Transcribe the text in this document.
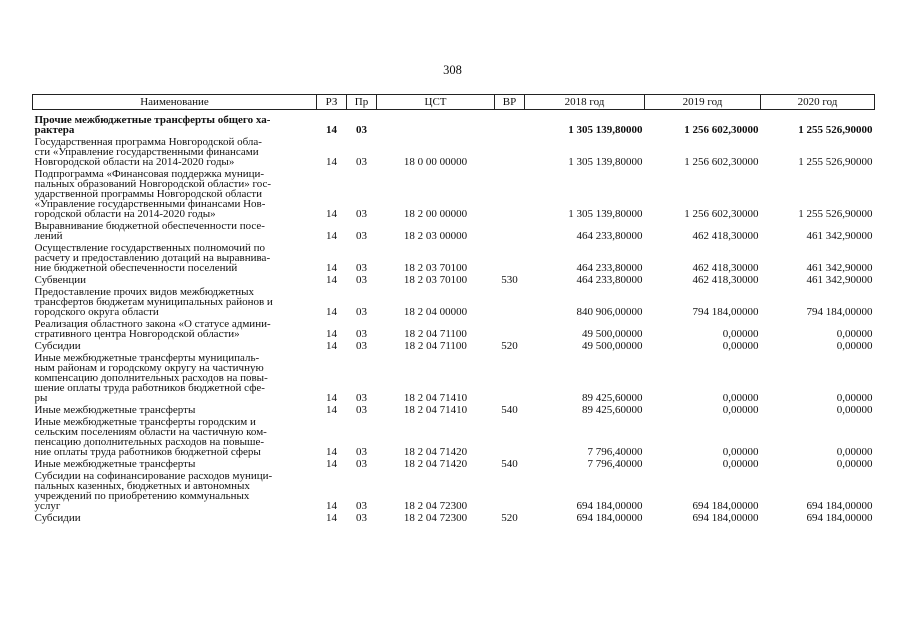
308
Наименование	РЗ	Пр	ЦСТ	ВР	2018 год	2019 год	2020 год
Прочие межбюджетные трансферты общего ха-
рактера	14	03			1 305 139,80000	1 256 602,30000	1 255 526,90000
Государственная программа Новгородской обла-
сти «Управление государственными финансами
Новгородской области на 2014-2020 годы»	14	03	18 0 00 00000		1 305 139,80000	1 256 602,30000	1 255 526,90000
Подпрограмма «Финансовая поддержка муници-
пальных образований Новгородской области» гос-
ударственной программы Новгородской области
«Управление государственными финансами Нов-
городской области на 2014-2020 годы»	14	03	18 2 00 00000		1 305 139,80000	1 256 602,30000	1 255 526,90000
Выравнивание бюджетной обеспеченности посе-
лений	14	03	18 2 03 00000		464 233,80000	462 418,30000	461 342,90000
Осуществление государственных полномочий по
расчету и предоставлению дотаций на выравнива-
ние бюджетной обеспеченности поселений	14	03	18 2 03 70100		464 233,80000	462 418,30000	461 342,90000
Субвенции	14	03	18 2 03 70100	530	464 233,80000	462 418,30000	461 342,90000
Предоставление прочих видов межбюджетных
трансфертов бюджетам муниципальных районов и
городского округа области	14	03	18 2 04 00000		840 906,00000	794 184,00000	794 184,00000
Реализация областного закона «О статусе админи-
стративного центра Новгородской области»	14	03	18 2 04 71100		49 500,00000	0,00000	0,00000
Субсидии	14	03	18 2 04 71100	520	49 500,00000	0,00000	0,00000
Иные межбюджетные трансферты муниципаль-
ным районам и городскому округу на частичную
компенсацию дополнительных расходов на повы-
шение оплаты труда работников бюджетной сфе-
ры	14	03	18 2 04 71410		89 425,60000	0,00000	0,00000
Иные межбюджетные трансферты	14	03	18 2 04 71410	540	89 425,60000	0,00000	0,00000
Иные межбюджетные трансферты городским и
сельским поселениям области на частичную ком-
пенсацию дополнительных расходов на повыше-
ние оплаты труда работников бюджетной сферы	14	03	18 2 04 71420		7 796,40000	0,00000	0,00000
Иные межбюджетные трансферты	14	03	18 2 04 71420	540	7 796,40000	0,00000	0,00000
Субсидии на софинансирование расходов муници-
пальных казенных, бюджетных и автономных
учреждений по приобретению коммунальных
услуг	14	03	18 2 04 72300		694 184,00000	694 184,00000	694 184,00000
Субсидии	14	03	18 2 04 72300	520	694 184,00000	694 184,00000	694 184,00000
